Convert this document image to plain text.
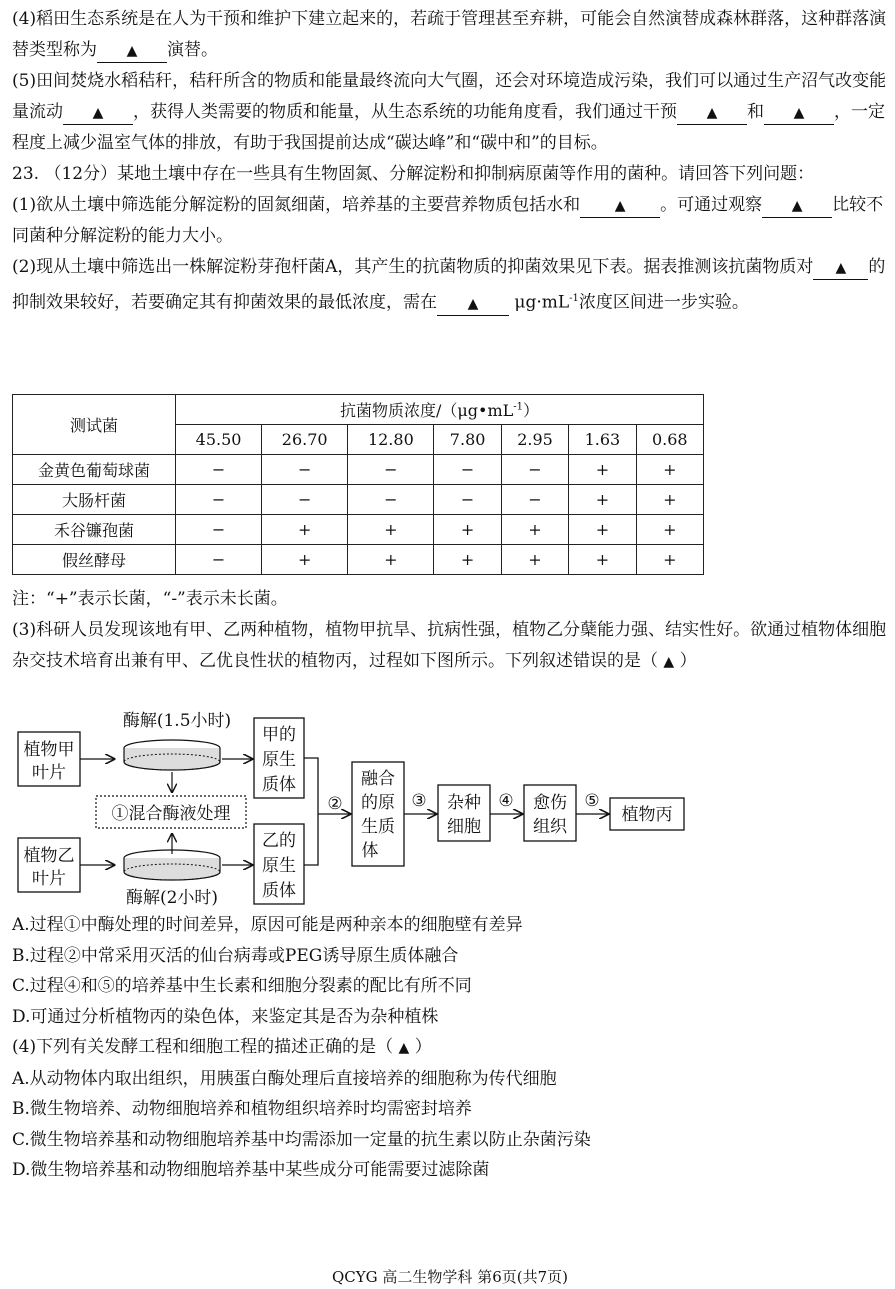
(4)稻田生态系统是在人为干预和维护下建立起来的，若疏于管理甚至弃耕，可能会自然演替成森林群落，这种群落演替类型称为 ▲ 演替。

(5)田间焚烧水稻秸秆，秸秆所含的物质和能量最终流向大气圈，还会对环境造成污染，我们可以通过生产沼气改变能量流动 ▲ ，获得人类需要的物质和能量，从生态系统的功能角度看，我们通过干预 ▲ 和 ▲ ，一定程度上减少温室气体的排放，有助于我国提前达成“碳达峰”和“碳中和”的目标。

23. （12分）某地土壤中存在一些具有生物固氮、分解淀粉和抑制病原菌等作用的菌种。请回答下列问题：

(1)欲从土壤中筛选能分解淀粉的固氮细菌，培养基的主要营养物质包括水和 ▲ 。可通过观察 ▲ 比较不同菌种分解淀粉的能力大小。

(2)现从土壤中筛选出一株解淀粉芽孢杆菌A，其产生的抗菌物质的抑菌效果见下表。据表推测该抗菌物质对 ▲ 的抑制效果较好，若要确定其有抑菌效果的最低浓度，需在 ▲ $\mu g\cdot mL^{-1}$浓度区间进一步实验。

测试菌	抗菌物质浓度$/(\mu g•mL^{-1})$						
	45.50	26.70	12.80	7.80	2.95	1.63	0.68
金黄色葡萄球菌	−	−	−	−	−	+	+
大肠杆菌	−	−	−	−	−	+	+
禾谷镰孢菌	−	+	+	+	+	+	+
假丝酵母	−	+	+	+	+	+	+

注：“+”表示长菌，“-”表示未长菌。

(3)科研人员发现该地有甲、乙两种植物，植物甲抗旱、抗病性强，植物乙分蘖能力强、结实性好。欲通过植物体细胞杂交技术培育出兼有甲、乙优良性状的植物丙，过程如下图所示。下列叙述错误的是（ ▲ ）

植物甲
叶片
酶解(1.5小时)
①混合酶液处理
甲的
原生
质体
植物乙
叶片
酶解(2小时)
乙的
原生
质体
②
融合
的原
生质
体
③ 杂种
细胞
④ 愈伤
组织
⑤
植物丙

A.过程①中酶处理的时间差异，原因可能是两种亲本的细胞壁有差异

B.过程②中常采用灭活的仙台病毒或PEG诱导原生质体融合

C.过程④和⑤的培养基中生长素和细胞分裂素的配比有所不同

D.可通过分析植物丙的染色体，来鉴定其是否为杂种植株

(4)下列有关发酵工程和细胞工程的描述正确的是（ ▲ ）

A.从动物体内取出组织，用胰蛋白酶处理后直接培养的细胞称为传代细胞

B.微生物培养、动物细胞培养和植物组织培养时均需密封培养

C.微生物培养基和动物细胞培养基中均需添加一定量的抗生素以防止杂菌污染

D.微生物培养基和动物细胞培养基中某些成分可能需要过滤除菌

QCYG 高二生物学科 第6页(共7页)
